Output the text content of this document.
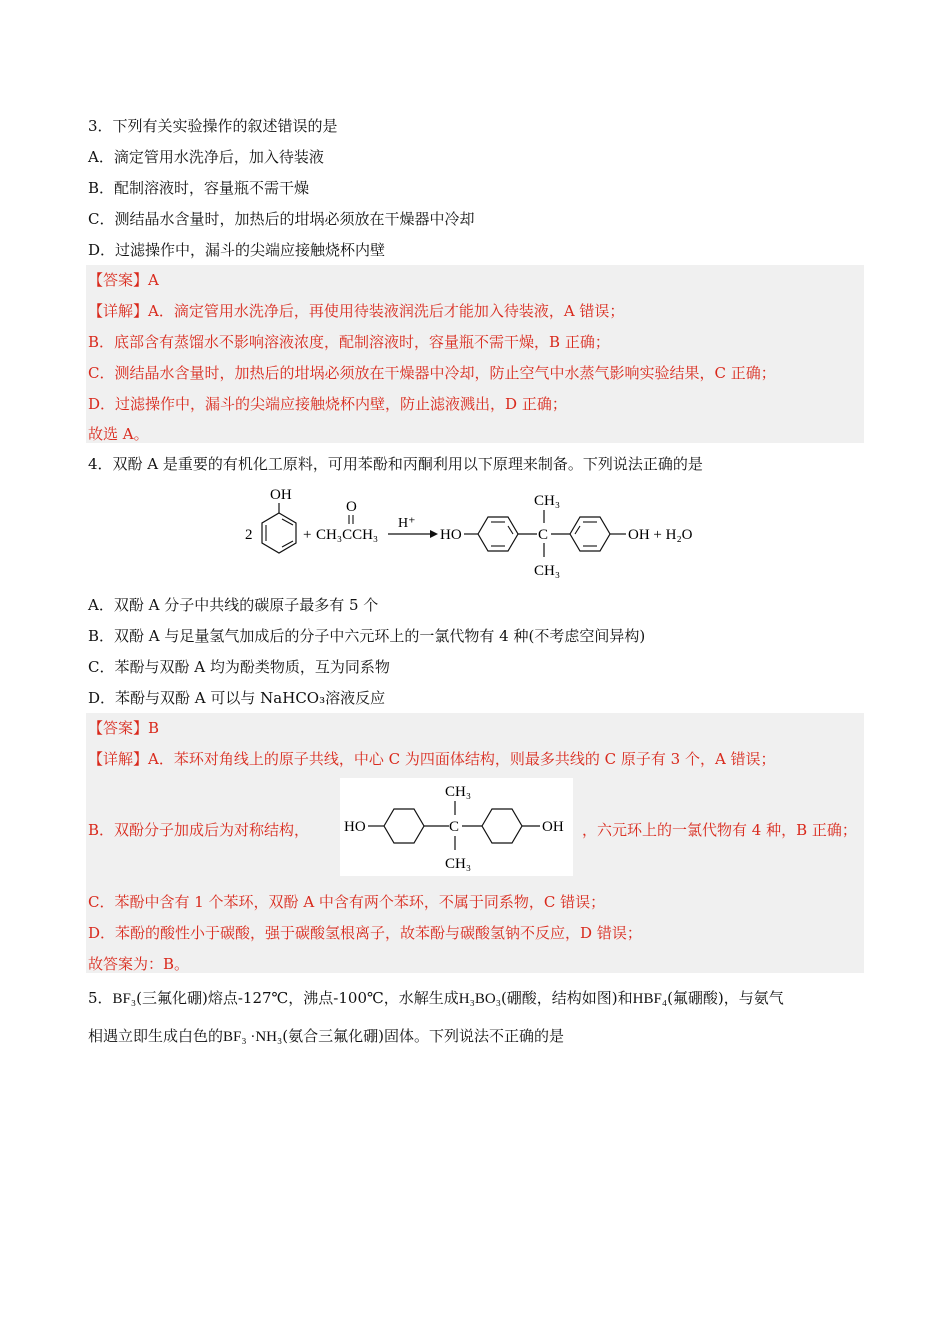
3．下列有关实验操作的叙述错误的是
A．滴定管用水洗净后，加入待装液
B．配制溶液时，容量瓶不需干燥
C．测结晶水含量时，加热后的坩埚必须放在干燥器中冷却
D．过滤操作中，漏斗的尖端应接触烧杯内壁
【答案】A
【详解】A．滴定管用水洗净后，再使用待装液润洗后才能加入待装液，A 错误；
B．底部含有蒸馏水不影响溶液浓度，配制溶液时，容量瓶不需干燥，B 正确；
C．测结晶水含量时，加热后的坩埚必须放在干燥器中冷却，防止空气中水蒸气影响实验结果，C 正确；
D．过滤操作中，漏斗的尖端应接触烧杯内壁，防止滤液溅出，D 正确；
故选 A。
4．双酚 A 是重要的有机化工原料，可用苯酚和丙酮利用以下原理来制备。下列说法正确的是
OH
2	+
O
CH₃CCH₃
H⁺
HO	C
CH₃
CH₃
OH + H₂O
A．双酚 A 分子中共线的碳原子最多有 5 个
B．双酚 A 与足量氢气加成后的分子中六元环上的一氯代物有 4 种(不考虑空间异构)
C．苯酚与双酚 A 均为酚类物质，互为同系物
D．苯酚与双酚 A 可以与 NaHCO₃溶液反应
【答案】B
【详解】A．苯环对角线上的原子共线，中心 C 为四面体结构，则最多共线的 C 原子有 3 个，A 错误；
B．双酚分子加成后为对称结构， HO	C
CH₃
CH₃
OH ，六元环上的一氯代物有 4 种，B 正确；
C．苯酚中含有 1 个苯环，双酚 A 中含有两个苯环，不属于同系物，C 错误；
D．苯酚的酸性小于碳酸，强于碳酸氢根离子，故苯酚与碳酸氢钠不反应，D 错误；
故答案为：B。
5．BF₃(三氟化硼)熔点-127℃，沸点-100℃，水解生成H₃BO₃(硼酸，结构如图)和HBF₄(氟硼酸)，与氨气
相遇立即生成白色的BF₃ ·NH₃(氨合三氟化硼)固体。下列说法不正确的是
